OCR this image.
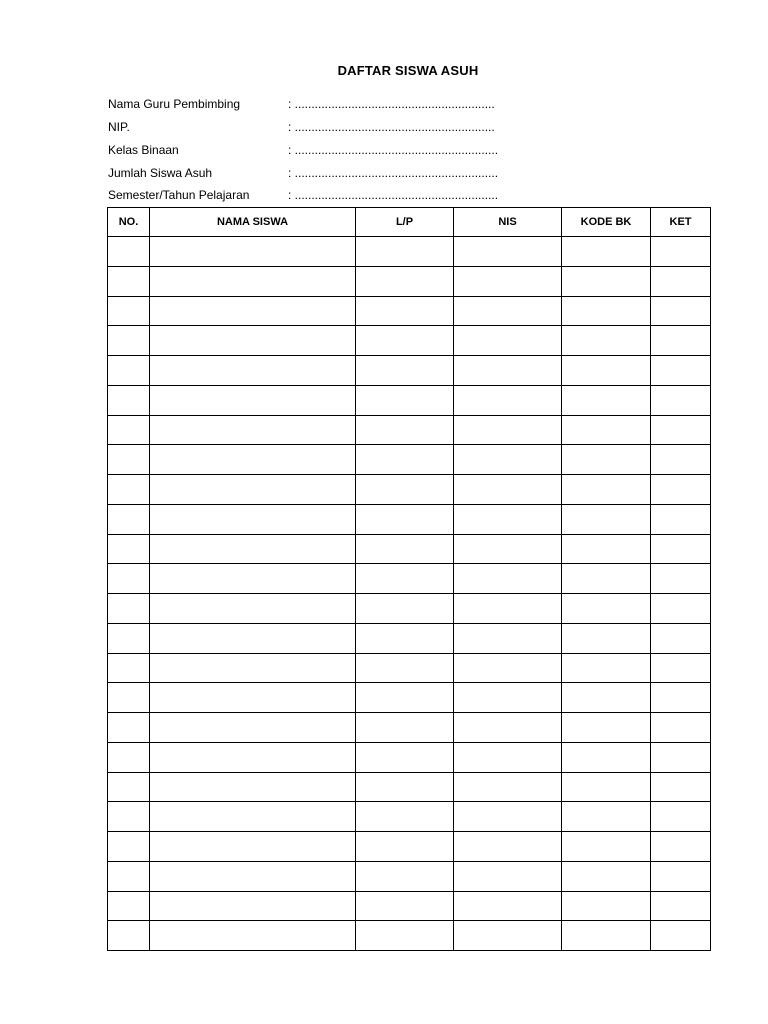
DAFTAR SISWA ASUH
Nama Guru Pembimbing	: ............................................................
NIP.	: ............................................................
Kelas Binaan	: .............................................................
Jumlah Siswa Asuh	: .............................................................
Semester/Tahun Pelajaran	: .............................................................
NO.	NAMA SISWA	L/P	NIS	KODE BK	KET
